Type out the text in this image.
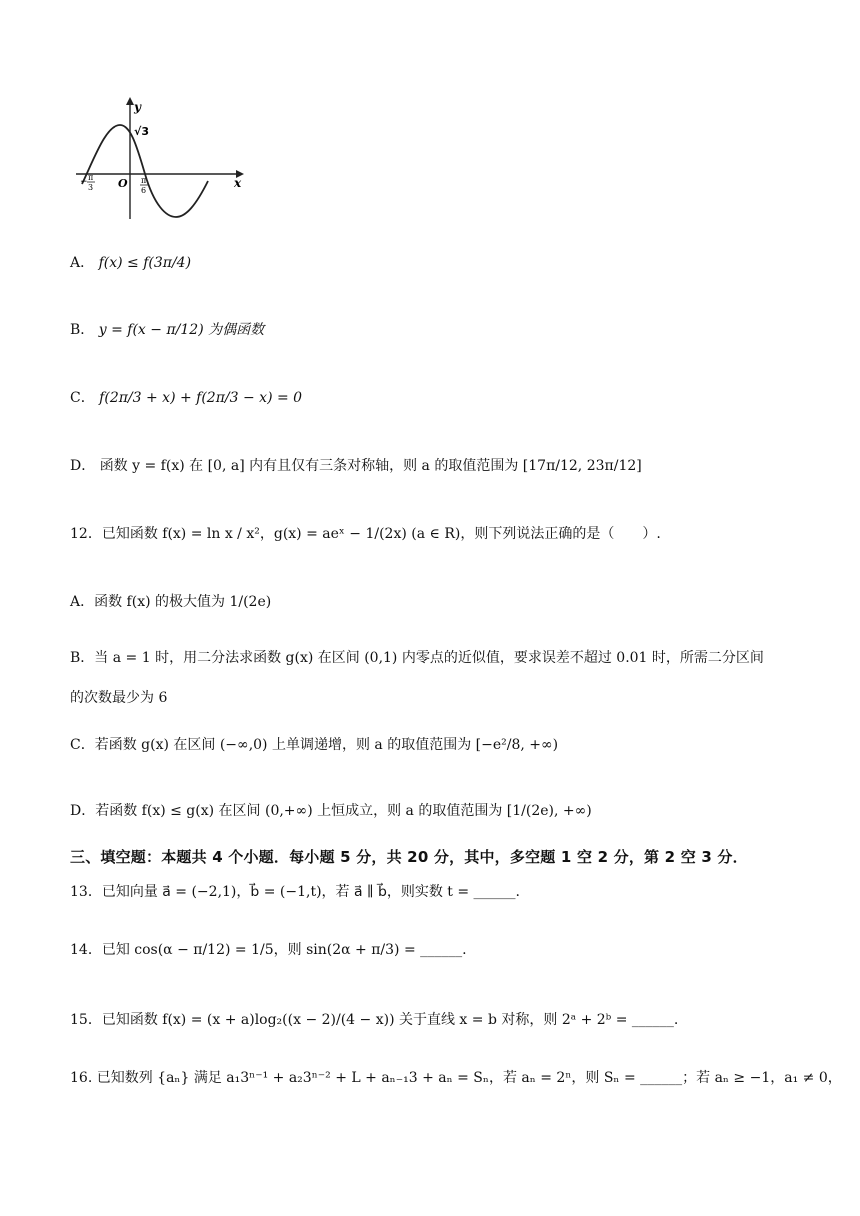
y
x
O
√3
− π
3
π
6
A． f(x) ≤ f(3π/4)
B． y = f(x − π/12) 为偶函数
C． f(2π/3 + x) + f(2π/3 − x) = 0
D． 函数 y = f(x) 在 [0, a] 内有且仅有三条对称轴，则 a 的取值范围为 [17π/12, 23π/12]
12．已知函数 f(x) = ln x / x²，g(x) = aeˣ − 1/(2x) (a ∈ R)，则下列说法正确的是（　　）.
A．函数 f(x) 的极大值为 1/(2e)
B．当 a = 1 时，用二分法求函数 g(x) 在区间 (0,1) 内零点的近似值，要求误差不超过 0.01 时，所需二分区间
的次数最少为 6
C．若函数 g(x) 在区间 (−∞,0) 上单调递增，则 a 的取值范围为 [−e²/8, +∞)
D．若函数 f(x) ≤ g(x) 在区间 (0,+∞) 上恒成立，则 a 的取值范围为 [1/(2e), +∞)
三、填空题：本题共 4 个小题．每小题 5 分，共 20 分，其中，多空题 1 空 2 分，第 2 空 3 分．
13．已知向量 a⃗ = (−2,1)，b⃗ = (−1,t)，若 a⃗ ∥ b⃗，则实数 t = ______.
14．已知 cos(α − π/12) = 1/5，则 sin(2α + π/3) = ______.
15．已知函数 f(x) = (x + a)log₂((x − 2)/(4 − x)) 关于直线 x = b 对称，则 2ᵃ + 2ᵇ = ______.
16. 已知数列 {aₙ} 满足 a₁3ⁿ⁻¹ + a₂3ⁿ⁻² + L + aₙ₋₁3 + aₙ = Sₙ，若 aₙ = 2ⁿ，则 Sₙ = ______；若 aₙ ≥ −1，a₁ ≠ 0，
